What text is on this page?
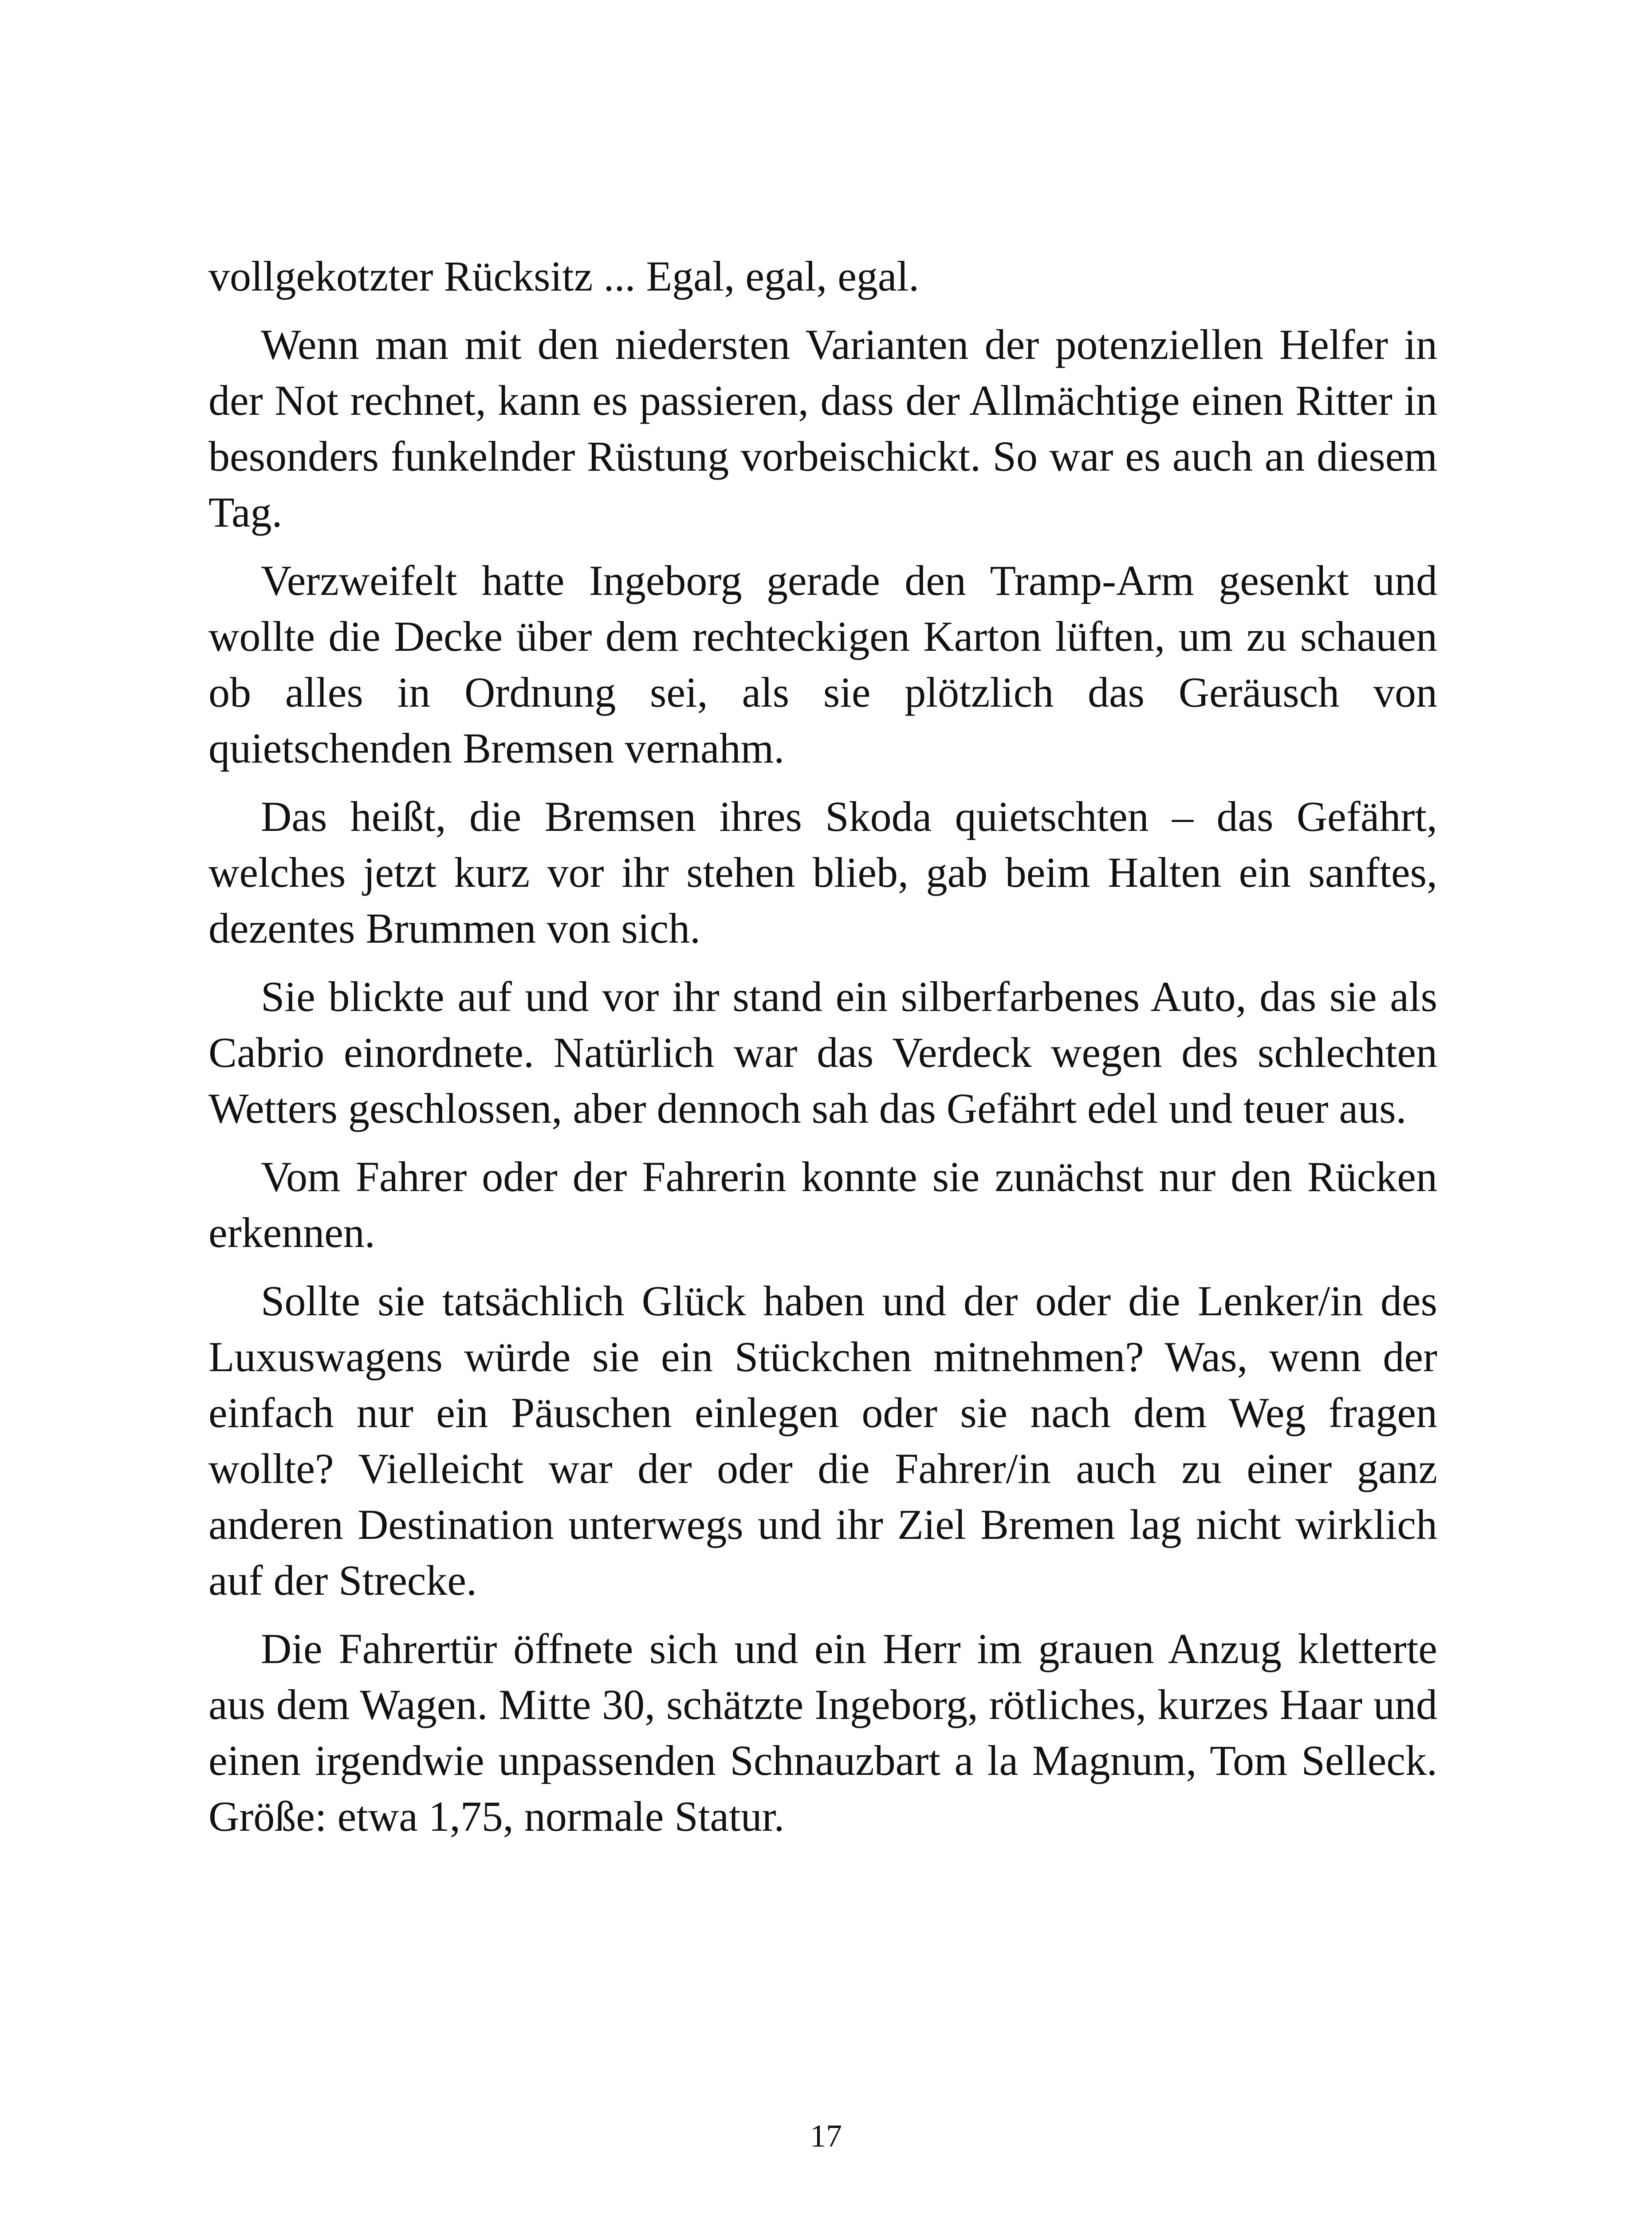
vollgekotzter Rücksitz ... Egal, egal, egal.

Wenn man mit den niedersten Varianten der potenziellen Helfer in der Not rechnet, kann es passieren, dass der Allmächtige einen Ritter in besonders funkelnder Rüstung vorbeischickt. So war es auch an diesem Tag.

Verzweifelt hatte Ingeborg gerade den Tramp-Arm gesenkt und wollte die Decke über dem rechteckigen Karton lüften, um zu schauen ob alles in Ordnung sei, als sie plötzlich das Geräusch von quietschenden Bremsen vernahm.

Das heißt, die Bremsen ihres Skoda quietschten – das Gefährt, welches jetzt kurz vor ihr stehen blieb, gab beim Halten ein sanftes, dezentes Brummen von sich.

Sie blickte auf und vor ihr stand ein silberfarbenes Auto, das sie als Cabrio einordnete. Natürlich war das Verdeck wegen des schlechten Wetters geschlossen, aber dennoch sah das Gefährt edel und teuer aus.

Vom Fahrer oder der Fahrerin konnte sie zunächst nur den Rücken erkennen.

Sollte sie tatsächlich Glück haben und der oder die Lenker/in des Luxuswagens würde sie ein Stückchen mitnehmen? Was, wenn der einfach nur ein Päuschen einlegen oder sie nach dem Weg fragen wollte? Vielleicht war der oder die Fahrer/in auch zu einer ganz anderen Destination unterwegs und ihr Ziel Bremen lag nicht wirklich auf der Strecke.

Die Fahrertür öffnete sich und ein Herr im grauen Anzug kletterte aus dem Wagen. Mitte 30, schätzte Ingeborg, rötliches, kurzes Haar und einen irgendwie unpassenden Schnauzbart a la Magnum, Tom Selleck. Größe: etwa 1,75, normale Statur.

17
